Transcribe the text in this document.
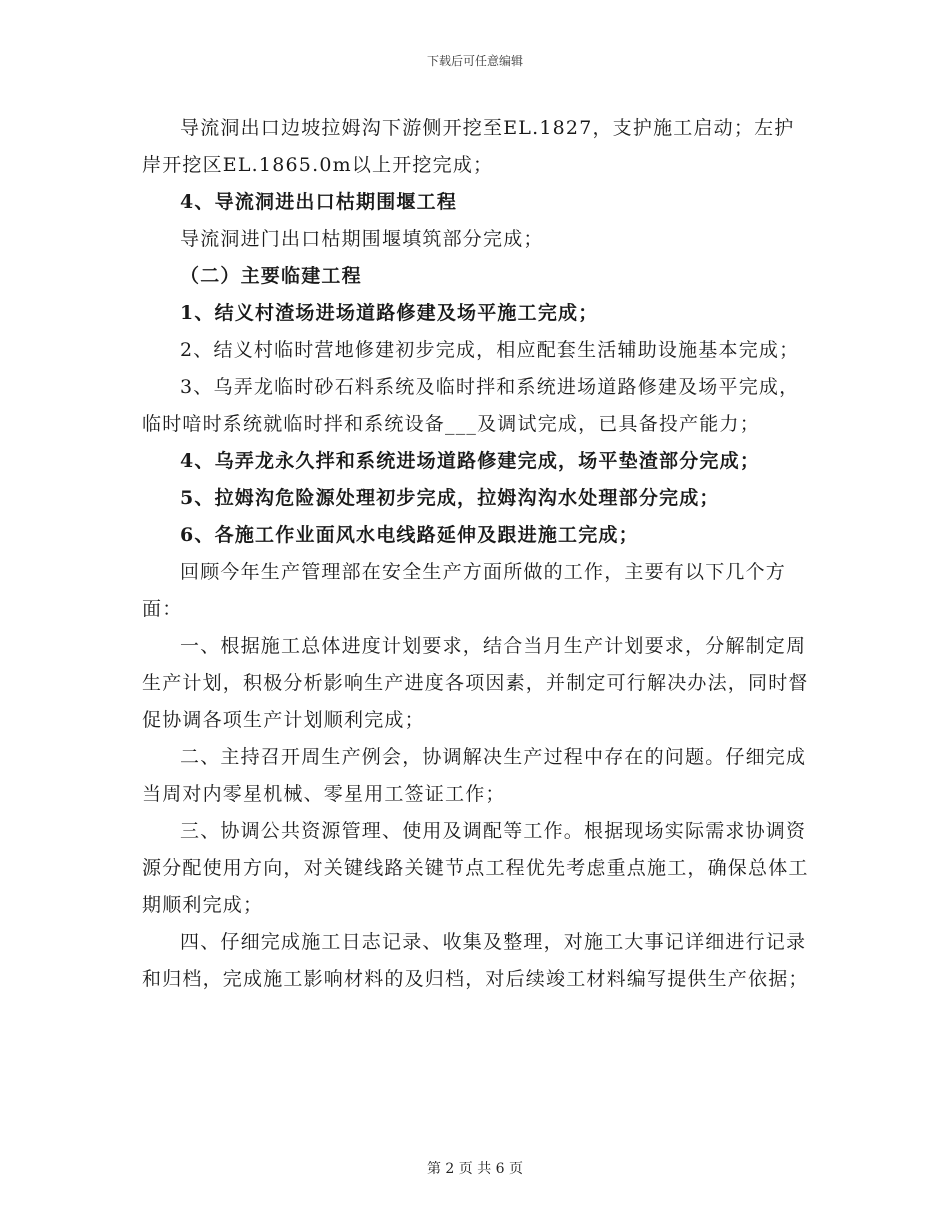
下载后可任意编辑

导流洞出口边坡拉姆沟下游侧开挖至EL.1827，支护施工启动；左护岸开挖区EL.1865.0m以上开挖完成；

4、导流洞进出口枯期围堰工程

导流洞进门出口枯期围堰填筑部分完成；

（二）主要临建工程

1、结义村渣场进场道路修建及场平施工完成；

2、结义村临时营地修建初步完成，相应配套生活辅助设施基本完成；

3、乌弄龙临时砂石料系统及临时拌和系统进场道路修建及场平完成，临时喑时系统就临时拌和系统设备___及调试完成，已具备投产能力；

4、乌弄龙永久拌和系统进场道路修建完成，场平垫渣部分完成；

5、拉姆沟危险源处理初步完成，拉姆沟沟水处理部分完成；

6、各施工作业面风水电线路延伸及跟进施工完成；

回顾今年生产管理部在安全生产方面所做的工作，主要有以下几个方面：

一、根据施工总体进度计划要求，结合当月生产计划要求，分解制定周生产计划，积极分析影响生产进度各项因素，并制定可行解决办法，同时督促协调各项生产计划顺利完成；

二、主持召开周生产例会，协调解决生产过程中存在的问题。仔细完成当周对内零星机械、零星用工签证工作；

三、协调公共资源管理、使用及调配等工作。根据现场实际需求协调资源分配使用方向，对关键线路关键节点工程优先考虑重点施工，确保总体工期顺利完成；

四、仔细完成施工日志记录、收集及整理，对施工大事记详细进行记录和归档，完成施工影响材料的及归档，对后续竣工材料编写提供生产依据；

第 2 页 共 6 页
